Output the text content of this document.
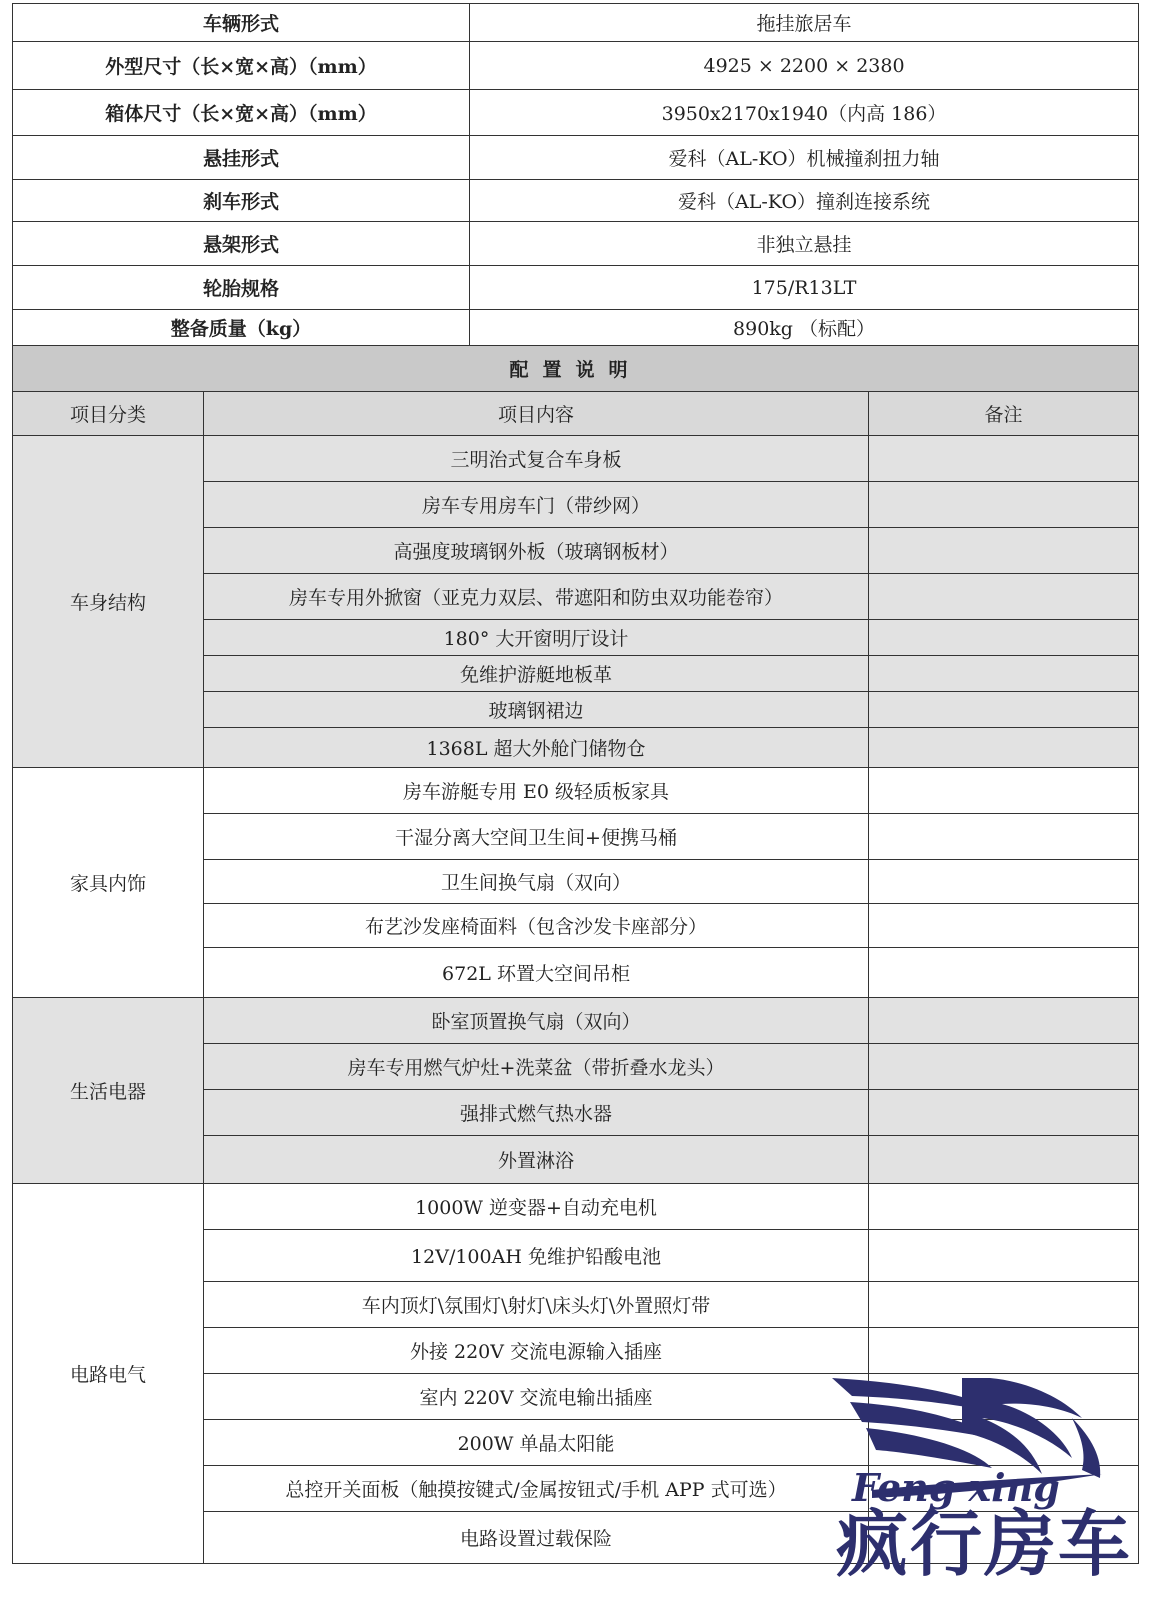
车辆形式		拖挂旅居车	
外型尺寸（长×宽×高）（mm）		4925 × 2200 × 2380	
箱体尺寸（长×宽×高）（mm）		3950x2170x1940（内高 186）	
悬挂形式		爱科（AL-KO）机械撞刹扭力轴	
刹车形式		爱科（AL-KO）撞刹连接系统	
悬架形式		非独立悬挂	
轮胎规格		175/R13LT	
整备质量（kg）		890kg （标配）	
配置说明			
项目分类	项目内容		备注
车身结构	三明治式复合车身板		
	房车专用房车门（带纱网）		
	高强度玻璃钢外板（玻璃钢板材）		
	房车专用外掀窗（亚克力双层、带遮阳和防虫双功能卷帘）		
	180° 大开窗明厅设计		
	免维护游艇地板革		
	玻璃钢裙边		
	1368L 超大外舱门储物仓		
家具内饰	房车游艇专用 E0 级轻质板家具		
	干湿分离大空间卫生间+便携马桶		
	卫生间换气扇（双向）		
	布艺沙发座椅面料（包含沙发卡座部分）		
	672L 环置大空间吊柜		
生活电器	卧室顶置换气扇（双向）		
	房车专用燃气炉灶+洗菜盆（带折叠水龙头）		
	强排式燃气热水器		
	外置淋浴		
电路电气	1000W 逆变器+自动充电机		
	12V/100AH 免维护铅酸电池		
	车内顶灯\氛围灯\射灯\床头灯\外置照灯带		
	外接 220V 交流电源输入插座		
	室内 220V 交流电输出插座		
	200W 单晶太阳能		
	总控开关面板（触摸按键式/金属按钮式/手机 APP 式可选）		
	电路设置过载保险		
Feng xing
疯行房车
